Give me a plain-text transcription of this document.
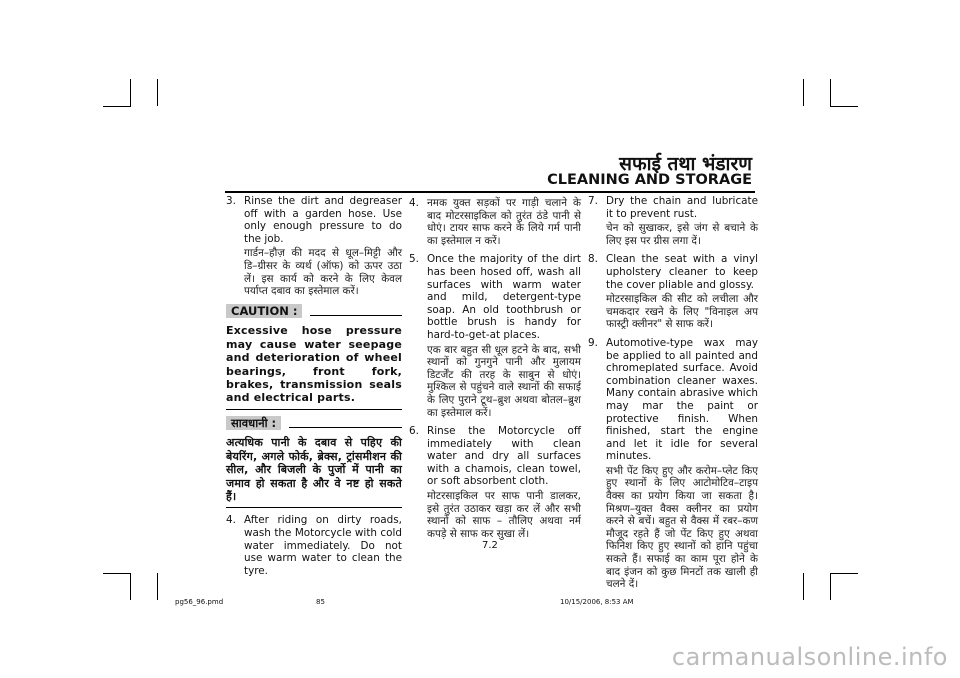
सफाई तथा भंडारण
CLEANING AND STORAGE
3. Rinse the dirt and degreaser off with a garden hose. Use only enough pressure to do the job.
गार्डन–हौज़ की मदद से धूल–मिट्टी और डि–ग्रीसर के व्यर्थ (ऑफ) को ऊपर उठा लें। इस कार्य को करने के लिए केवल पर्याप्त दबाव का इस्तेमाल करें।
CAUTION :
Excessive hose pressure may cause water seepage and deterioration of wheel bearings, front fork, brakes, transmission seals and electrical parts.
सावधानी :
अत्यधिक पानी के दबाव से पहिए की बेयरिंग, अगले फोर्क, ब्रेक्स, ट्रांसमीशन की सील, और बिजली के पुर्जो में पानी का जमाव हो सकता है और वे नष्ट हो सकते हैं।
4. After riding on dirty roads, wash the Motorcycle with cold water immediately. Do not use warm water to clean the tyre.
4. नमक युक्त सड़कों पर गाड़ी चलाने के बाद मोटरसाइकिल को तुरंत ठंडे पानी से धोएं। टायर साफ करने के लिये गर्म पानी का इस्तेमाल न करें।
5. Once the majority of the dirt has been hosed off, wash all surfaces with warm water and mild, detergent-type soap. An old toothbrush or bottle brush is handy for hard-to-get-at places.
एक बार बहुत सी धूल हटने के बाद, सभी स्थानों को गुनगुने पानी और मुलायम डिटर्जेंट की तरह के साबुन से धोएं। मुश्किल से पहुंचने वाले स्थानों की सफाई के लिए पुराने टूथ–ब्रुश अथवा बोतल–ब्रुश का इस्तेमाल करें।
6. Rinse the Motorcycle off immediately with clean water and dry all surfaces with a chamois, clean towel, or soft absorbent cloth.
मोटरसाइकिल पर साफ पानी डालकर, इसे तुरंत उठाकर खड़ा कर लें और सभी स्थानों को साफ – तौलिए अथवा नर्म कपड़े से साफ कर सुखा लें।
7. Dry the chain and lubricate it to prevent rust.
चेन को सुखाकर, इसे जंग से बचाने के लिए इस पर ग्रीस लगा दें।
8. Clean the seat with a vinyl upholstery cleaner to keep the cover pliable and glossy.
मोटरसाइकिल की सीट को लचीला और चमकदार रखने के लिए "विनाइल अप फास्ट्री क्लीनर" से साफ करें।
9. Automotive-type wax may be applied to all painted and chromeplated surface. Avoid combination cleaner waxes. Many contain abrasive which may mar the paint or protective finish. When finished, start the engine and let it idle for several minutes.
सभी पेंट किए हुए और करोम–प्लेट किए हुए स्थानों के लिए आटोमोटिव–टाइप वैक्स का प्रयोग किया जा सकता है। मिश्रण–युक्त वैक्स क्लीनर का प्रयोग करने से बचें। बहुत से वैक्स में रबर–कण मौजूद रहते हैं जो पेंट किए हुए अथवा फिनिश किए हुए स्थानों को हानि पहुंचा सकते हैं। सफाई का काम पूरा होने के बाद इंजन को कुछ मिनटों तक खाली ही चलने दें।
7.2
pg56_96.pmd	85	10/15/2006, 8:53 AM
carmanualsonline.info
